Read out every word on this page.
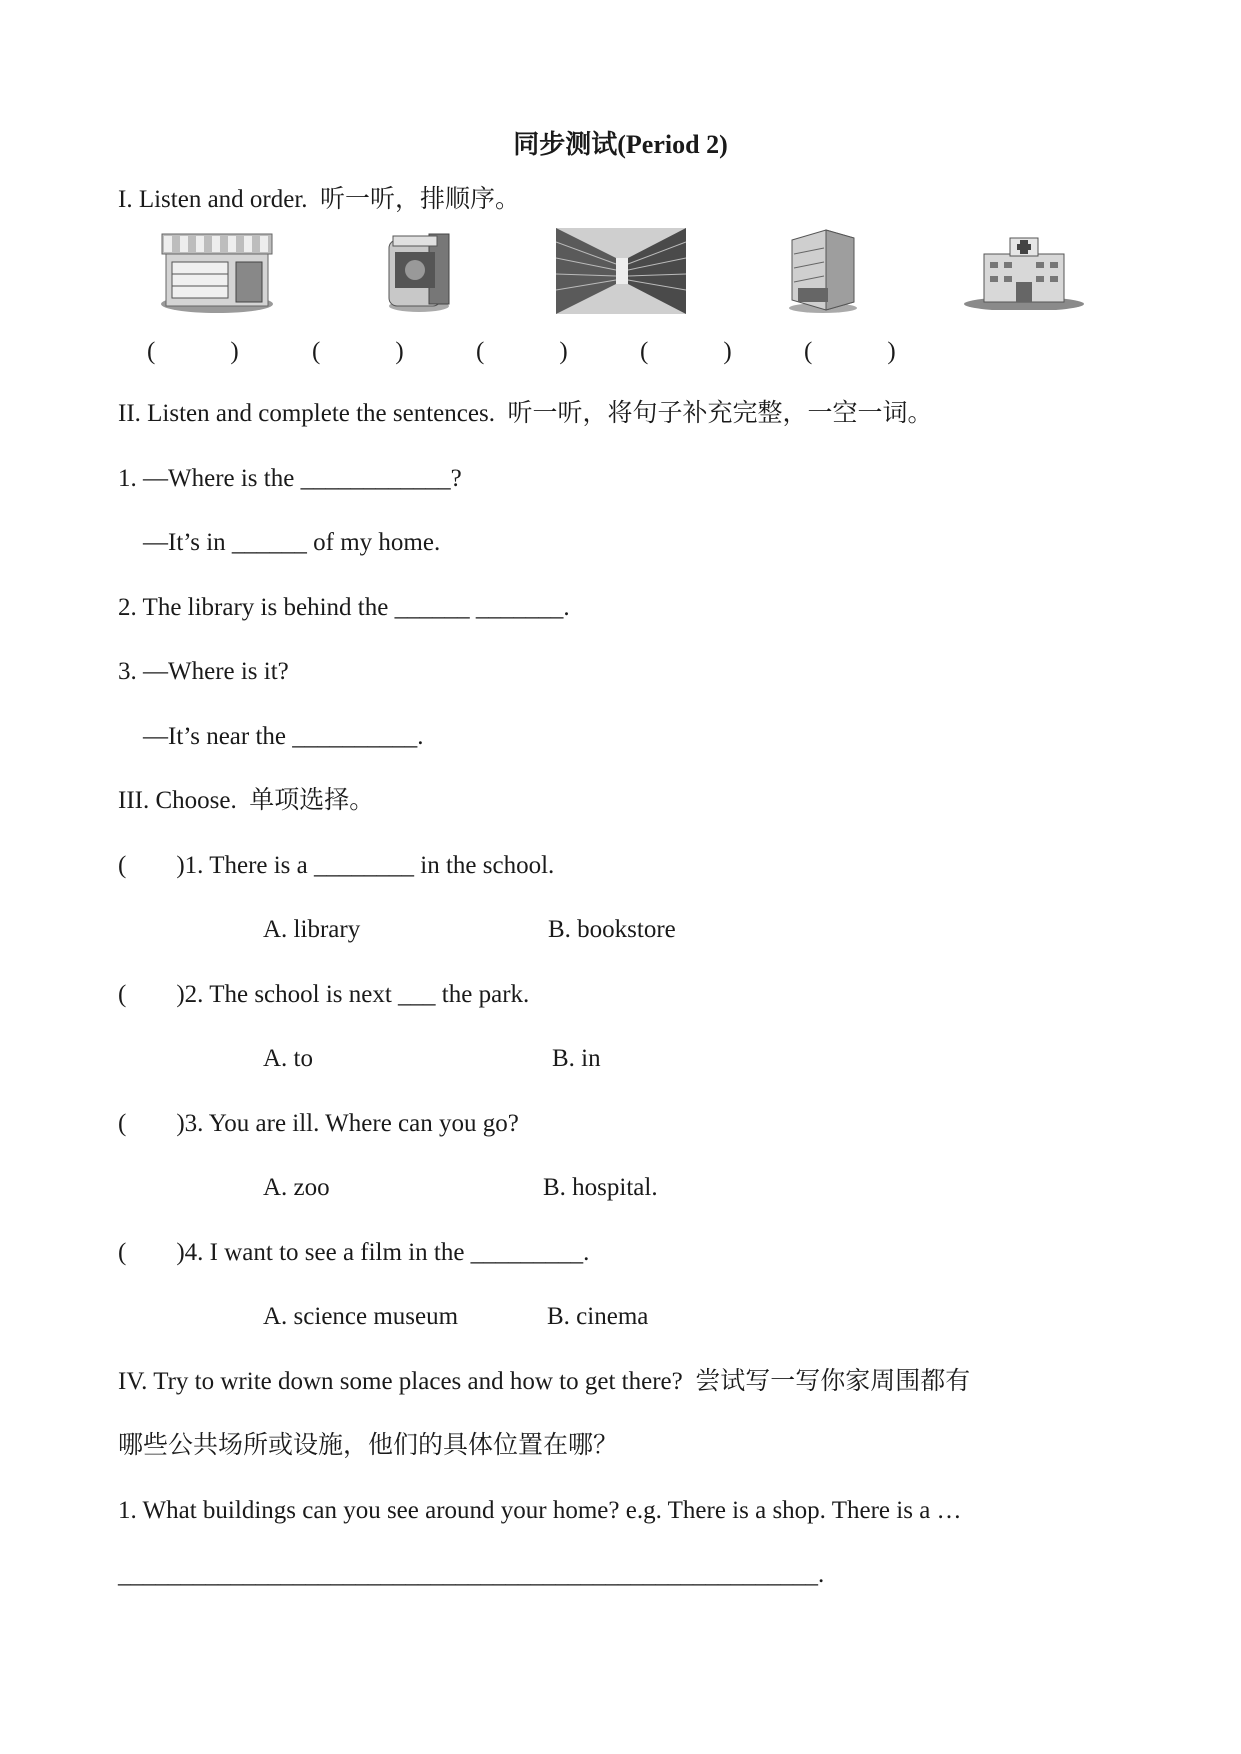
同步测试(Period 2)
I. Listen and order.  听一听，排顺序。
(            )	(            )	(            )	(            )	(            )
II. Listen and complete the sentences.  听一听，将句子补充完整，一空一词。
1. —Where is the ____________?
—It’s in ______ of my home.
2. The library is behind the ______ _______.
3. —Where is it?
—It’s near the __________.
III. Choose.  单项选择。
(        )1. There is a ________ in the school.
A. library	B. bookstore
(        )2. The school is next ___ the park.
A. to	B. in
(        )3. You are ill. Where can you go?
A. zoo	B. hospital.
(        )4. I want to see a film in the _________.
A. science museum	B. cinema
IV. Try to write down some places and how to get there?  尝试写一写你家周围都有
哪些公共场所或设施，他们的具体位置在哪？
1. What buildings can you see around your home? e.g. There is a shop. There is a …
________________________________________________________.
